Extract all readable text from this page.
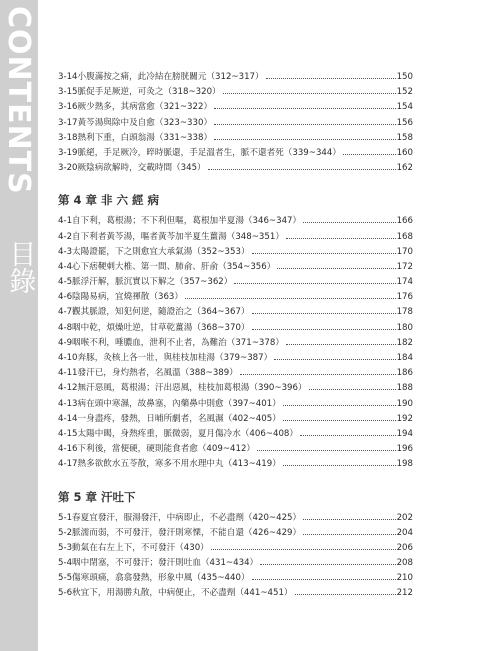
CONTENTS
目錄
3-14小腹滿按之痛，此冷結在膀胱關元（312~317）	150
3-15脈促手足厥逆，可灸之（318~320）	152
3-16厥少熱多，其病當愈（321~322）	154
3-17黃芩湯與除中及自愈（323~330）	156
3-18熱利下重，白頭翁湯（331~338）	158
3-19脈絕，手足厥冷，晬時脈還，手足溫者生，脈不還者死（339~344）	160
3-20厥陰病欲解時，交載時間（345）	162
第 4 章 非 六 經 病
4-1自下利，葛根湯；不下利但嘔，葛根加半夏湯（346~347）	166
4-2自下利者黃芩湯，嘔者黃芩加半夏生薑湯（348~351）	168
4-3太陽證罷，下之則愈宜大承氣湯（352~353）	170
4-4心下痞鞕刺大椎、第一間、肺俞、肝俞（354~356）	172
4-5脈浮汗解，脈沉實以下解之（357~362）	174
4-6陰陽易病，宜燒褌散（363）	176
4-7觀其脈證，知犯何逆，隨證治之（364~367）	178
4-8咽中乾，煩燥吐逆，甘草乾薑湯（368~370）	180
4-9咽喉不利，唾膿血，泄利不止者，為難治（371~378）	182
4-10奔豚，灸核上各一壯，與桂枝加桂湯（379~387）	184
4-11發汗已，身灼熱者，名風溫（388~389）	186
4-12無汗惡風，葛根湯；汗出惡風，桂枝加葛根湯（390~396）	188
4-13病在頭中寒濕，故鼻塞，內藥鼻中則愈（397~401）	190
4-14一身盡疼，發熱，日晡所劇者，名風濕（402~405）	192
4-15太陽中暍，身熱疼重，脈微弱，夏月傷冷水（406~408）	194
4-16下利後，當便硬，硬則能食者愈（409~412）	196
4-17熱多欲飲水五苓散，寒多不用水理中丸（413~419）	198
第 5 章 汗吐下
5-1春夏宜發汗，服湯發汗，中病即止，不必盡劑（420~425）	202
5-2脈濡而弱，不可發汗，發汗則寒慄，不能自還（426~429）	204
5-3動氣在右左上下，不可發汗（430）	206
5-4咽中閉塞，不可發汗；發汗則吐血（431~434）	208
5-5傷寒頭痛，翕翕發熱，形象中風（435~440）	210
5-6秋宜下，用湯勝丸散，中病便止，不必盡劑（441~451）	212
